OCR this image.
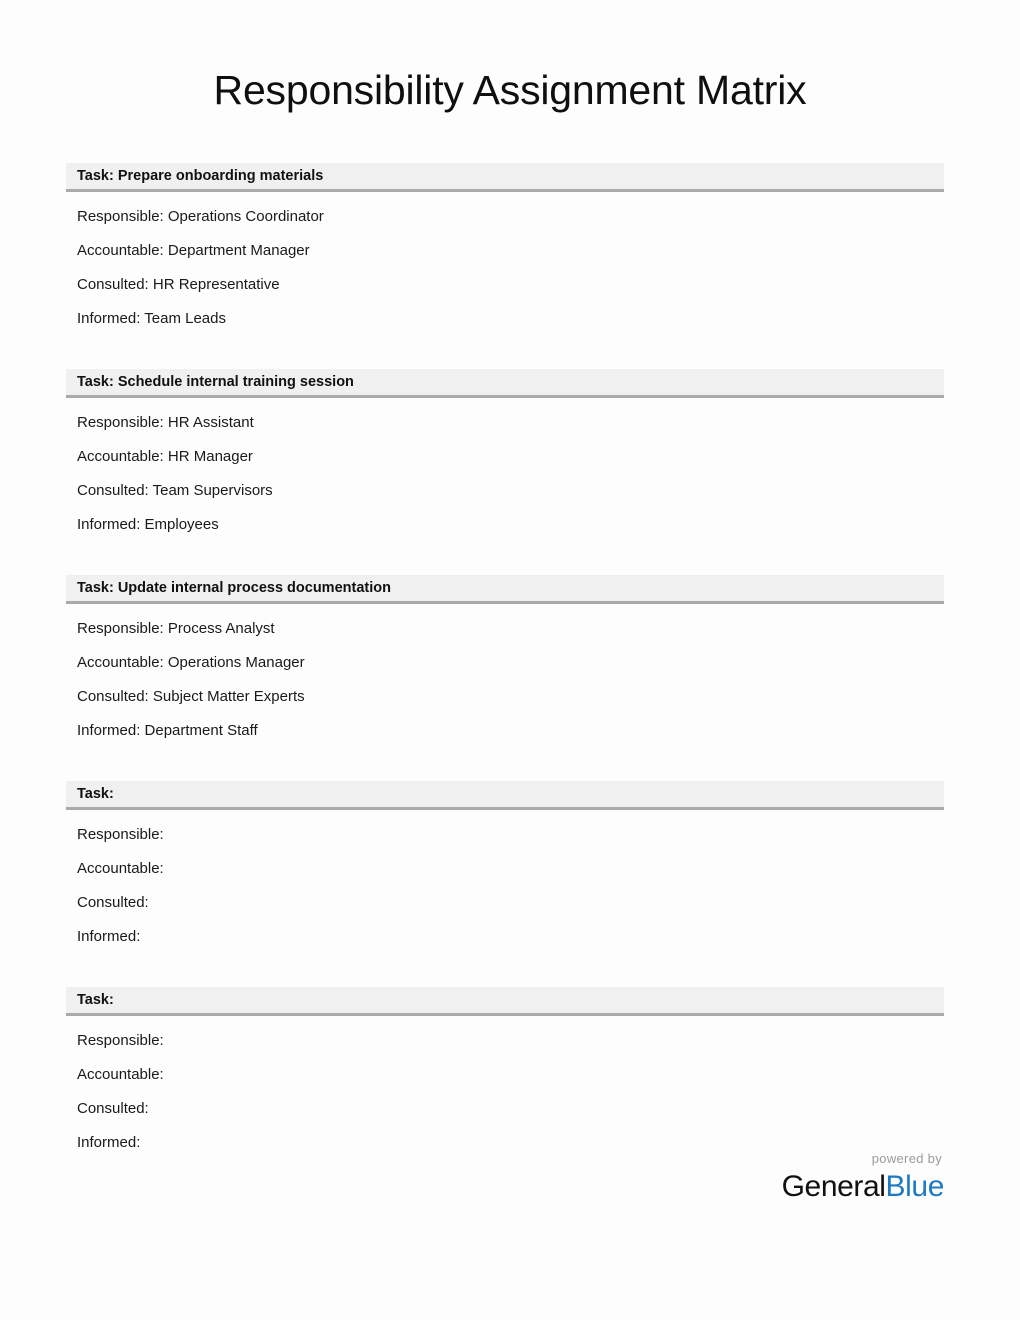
Responsibility Assignment Matrix
Task: Prepare onboarding materials
Responsible: Operations Coordinator
Accountable: Department Manager
Consulted: HR Representative
Informed: Team Leads
Task: Schedule internal training session
Responsible: HR Assistant
Accountable: HR Manager
Consulted: Team Supervisors
Informed: Employees
Task: Update internal process documentation
Responsible: Process Analyst
Accountable: Operations Manager
Consulted: Subject Matter Experts
Informed: Department Staff
Task:
Responsible:
Accountable:
Consulted:
Informed:
Task:
Responsible:
Accountable:
Consulted:
Informed:
powered by
GeneralBlue
